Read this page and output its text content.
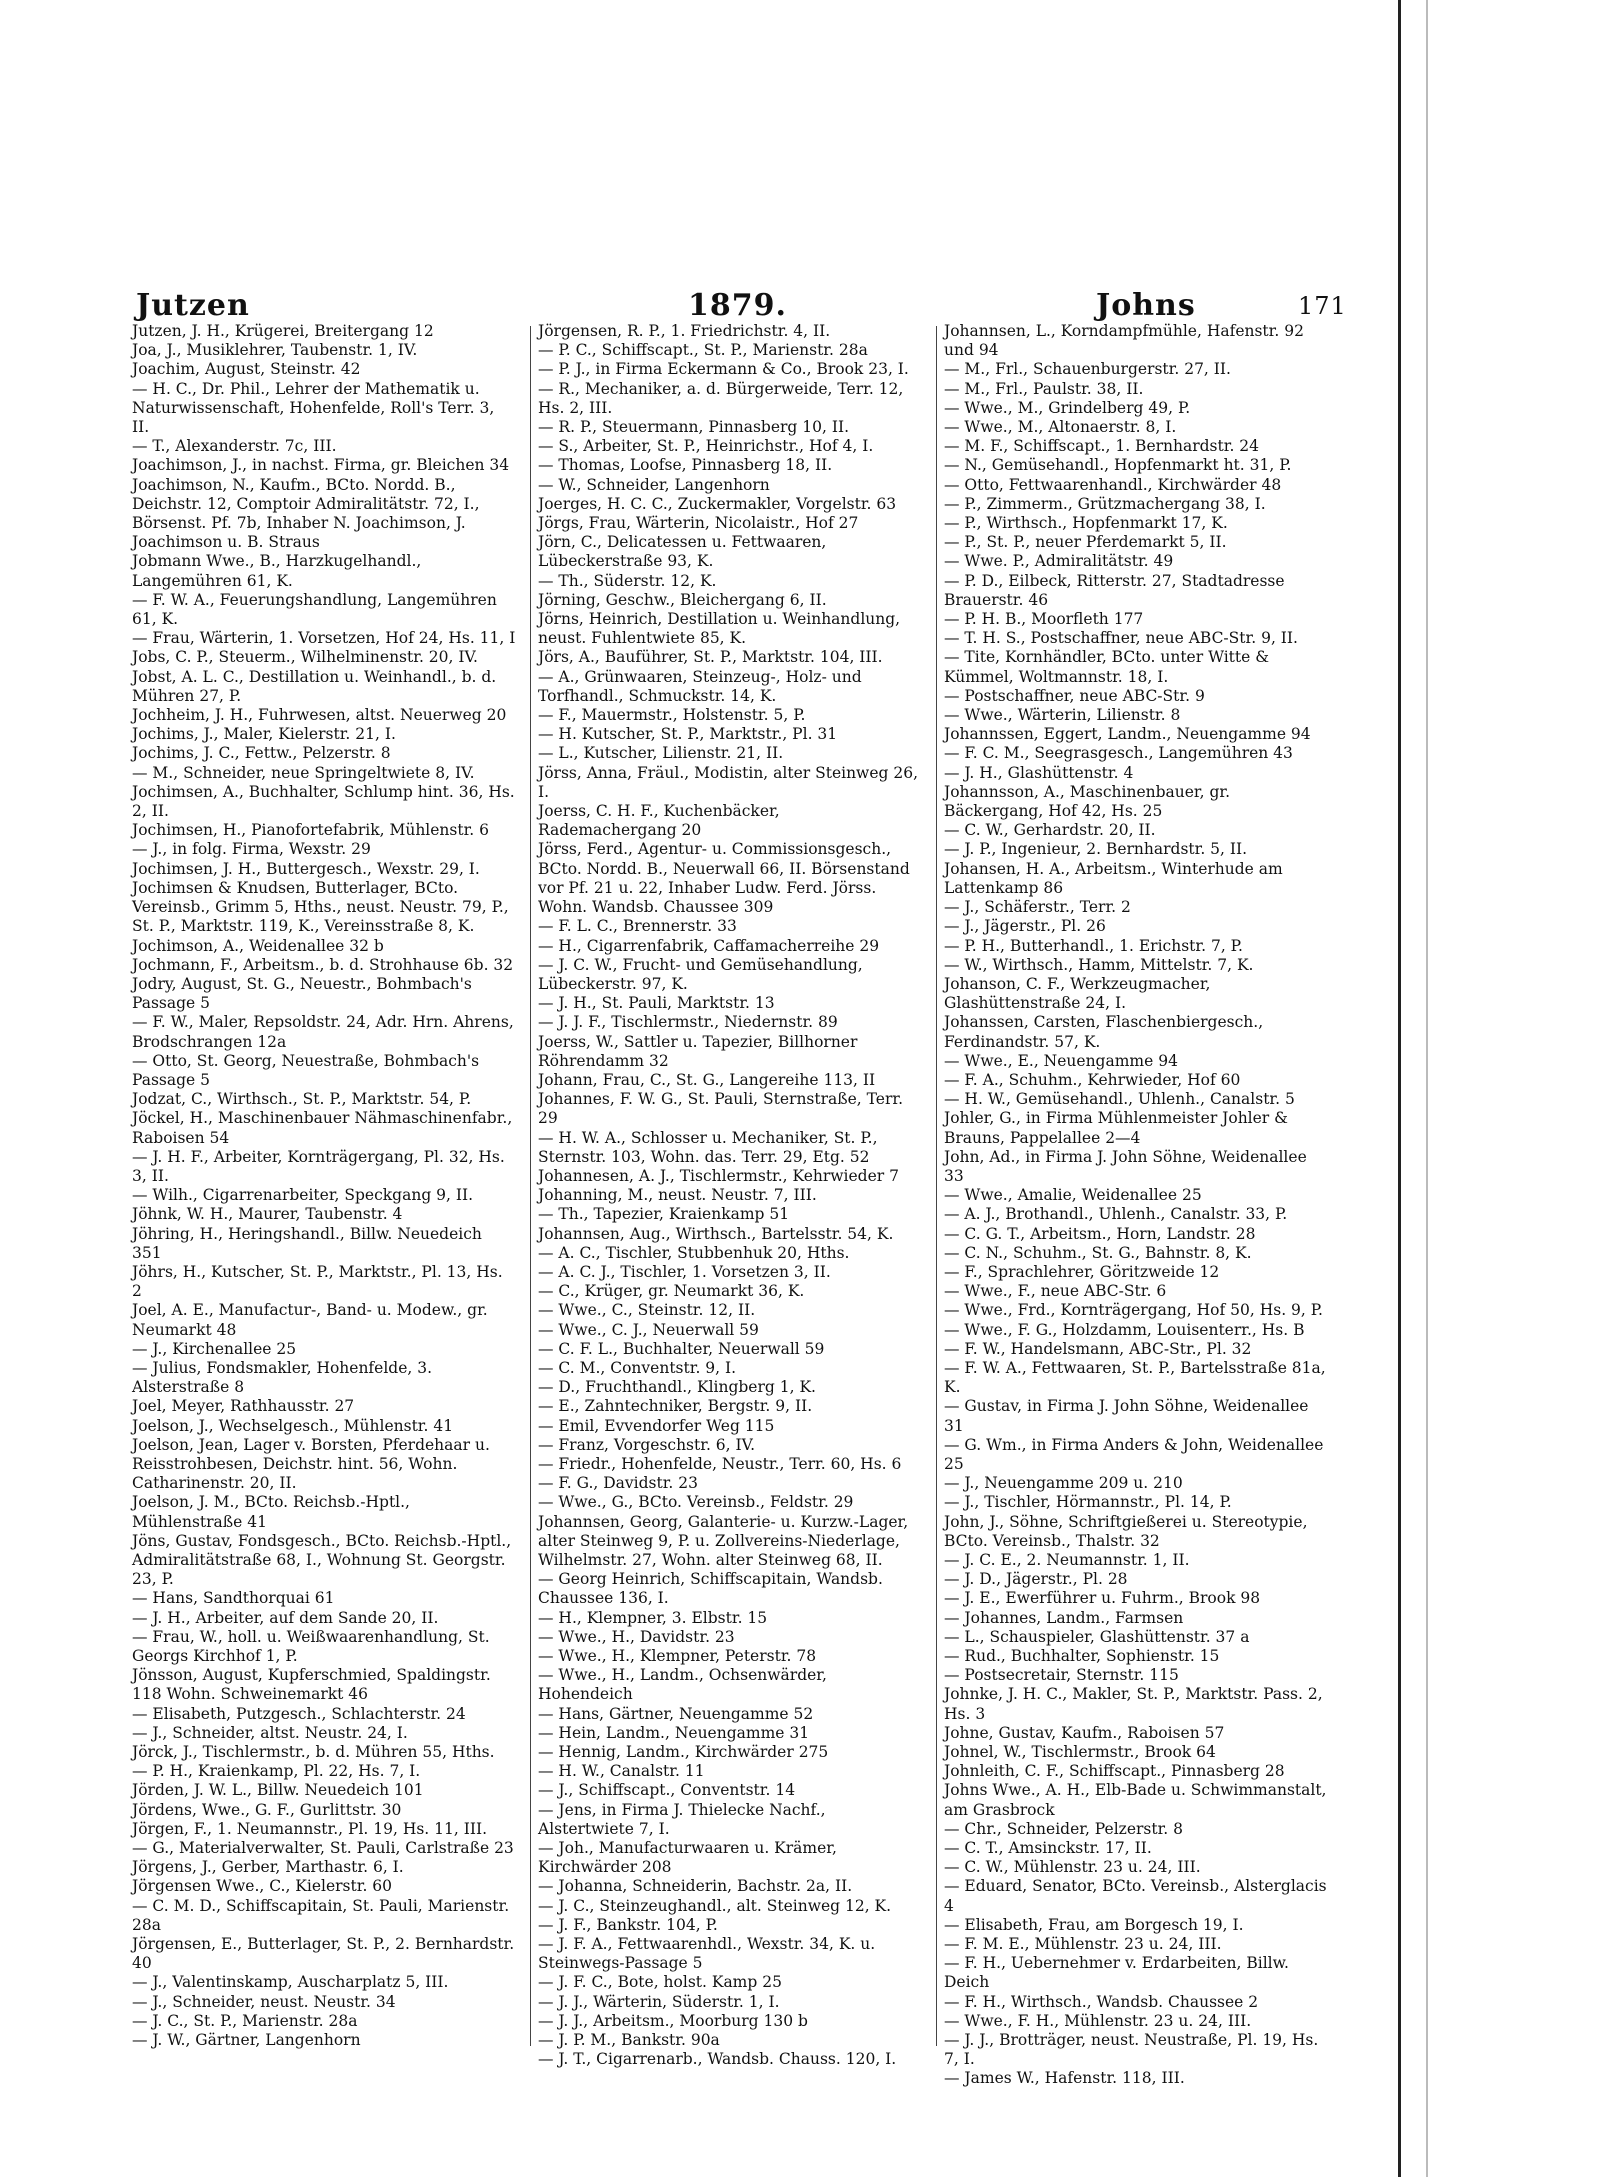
Jutzen	1879.	Johns	171
Jutzen, J. H., Krügerei, Breitergang 12
Joa, J., Musiklehrer, Taubenstr. 1, IV.
Joachim, August, Steinstr. 42
— H. C., Dr. Phil., Lehrer der Mathematik u. Naturwissenschaft, Hohenfelde, Roll's Terr. 3, II.
— T., Alexanderstr. 7c, III.
Joachimson, J., in nachst. Firma, gr. Bleichen 34
Joachimson, N., Kaufm., BCto. Nordd. B., Deichstr. 12, Comptoir Admiralitätstr. 72, I., Börsenst. Pf. 7b, Inhaber N. Joachimson, J. Joachimson u. B. Straus
Jobmann Wwe., B., Harzkugelhandl., Langemühren 61, K.
— F. W. A., Feuerungshandlung, Langemühren 61, K.
— Frau, Wärterin, 1. Vorsetzen, Hof 24, Hs. 11, I
Jobs, C. P., Steuerm., Wilhelminenstr. 20, IV.
Jobst, A. L. C., Destillation u. Weinhandl., b. d. Mühren 27, P.
Jochheim, J. H., Fuhrwesen, altst. Neuerweg 20
Jochims, J., Maler, Kielerstr. 21, I.
Jochims, J. C., Fettw., Pelzerstr. 8
— M., Schneider, neue Springeltwiete 8, IV.
Jochimsen, A., Buchhalter, Schlump hint. 36, Hs. 2, II.
Jochimsen, H., Pianofortefabrik, Mühlenstr. 6
— J., in folg. Firma, Wexstr. 29
Jochimsen, J. H., Buttergesch., Wexstr. 29, I.
Jochimsen & Knudsen, Butterlager, BCto. Vereinsb., Grimm 5, Hths., neust. Neustr. 79, P., St. P., Marktstr. 119, K., Vereinsstraße 8, K.
Jochimson, A., Weidenallee 32 b
Jochmann, F., Arbeitsm., b. d. Strohhause 6b. 32
Jodry, August, St. G., Neuestr., Bohmbach's Passage 5
— F. W., Maler, Repsoldstr. 24, Adr. Hrn. Ahrens, Brodschrangen 12a
— Otto, St. Georg, Neuestraße, Bohmbach's Passage 5
Jodzat, C., Wirthsch., St. P., Marktstr. 54, P.
Jöckel, H., Maschinenbauer Nähmaschinenfabr., Raboisen 54
— J. H. F., Arbeiter, Kornträgergang, Pl. 32, Hs. 3, II.
— Wilh., Cigarrenarbeiter, Speckgang 9, II.
Jöhnk, W. H., Maurer, Taubenstr. 4
Jöhring, H., Heringshandl., Billw. Neuedeich 351
Jöhrs, H., Kutscher, St. P., Marktstr., Pl. 13, Hs. 2
Joel, A. E., Manufactur-, Band- u. Modew., gr. Neumarkt 48
— J., Kirchenallee 25
— Julius, Fondsmakler, Hohenfelde, 3. Alsterstraße 8
Joel, Meyer, Rathhausstr. 27
Joelson, J., Wechselgesch., Mühlenstr. 41
Joelson, Jean, Lager v. Borsten, Pferdehaar u. Reisstrohbesen, Deichstr. hint. 56, Wohn. Catharinenstr. 20, II.
Joelson, J. M., BCto. Reichsb.-Hptl., Mühlenstraße 41
Jöns, Gustav, Fondsgesch., BCto. Reichsb.-Hptl., Admiralitätstraße 68, I., Wohnung St. Georgstr. 23, P.
— Hans, Sandthorquai 61
— J. H., Arbeiter, auf dem Sande 20, II.
— Frau, W., holl. u. Weißwaarenhandlung, St. Georgs Kirchhof 1, P.
Jönsson, August, Kupferschmied, Spaldingstr. 118 Wohn. Schweinemarkt 46
— Elisabeth, Putzgesch., Schlachterstr. 24
— J., Schneider, altst. Neustr. 24, I.
Jörck, J., Tischlermstr., b. d. Mühren 55, Hths.
— P. H., Kraienkamp, Pl. 22, Hs. 7, I.
Jörden, J. W. L., Billw. Neuedeich 101
Jördens, Wwe., G. F., Gurlittstr. 30
Jörgen, F., 1. Neumannstr., Pl. 19, Hs. 11, III.
— G., Materialverwalter, St. Pauli, Carlstraße 23
Jörgens, J., Gerber, Marthastr. 6, I.
Jörgensen Wwe., C., Kielerstr. 60
— C. M. D., Schiffscapitain, St. Pauli, Marienstr. 28a
Jörgensen, E., Butterlager, St. P., 2. Bernhardstr. 40
— J., Valentinskamp, Auscharplatz 5, III.
— J., Schneider, neust. Neustr. 34
— J. C., St. P., Marienstr. 28a
— J. W., Gärtner, Langenhorn
Jörgensen, R. P., 1. Friedrichstr. 4, II.
— P. C., Schiffscapt., St. P., Marienstr. 28a
— P. J., in Firma Eckermann & Co., Brook 23, I.
— R., Mechaniker, a. d. Bürgerweide, Terr. 12, Hs. 2, III.
— R. P., Steuermann, Pinnasberg 10, II.
— S., Arbeiter, St. P., Heinrichstr., Hof 4, I.
— Thomas, Loofse, Pinnasberg 18, II.
— W., Schneider, Langenhorn
Joerges, H. C. C., Zuckermakler, Vorgelstr. 63
Jörgs, Frau, Wärterin, Nicolaistr., Hof 27
Jörn, C., Delicatessen u. Fettwaaren, Lübeckerstraße 93, K.
— Th., Süderstr. 12, K.
Jörning, Geschw., Bleichergang 6, II.
Jörns, Heinrich, Destillation u. Weinhandlung, neust. Fuhlentwiete 85, K.
Jörs, A., Bauführer, St. P., Marktstr. 104, III.
— A., Grünwaaren, Steinzeug-, Holz- und Torfhandl., Schmuckstr. 14, K.
— F., Mauermstr., Holstenstr. 5, P.
— H. Kutscher, St. P., Marktstr., Pl. 31
— L., Kutscher, Lilienstr. 21, II.
Jörss, Anna, Fräul., Modistin, alter Steinweg 26, I.
Joerss, C. H. F., Kuchenbäcker, Rademachergang 20
Jörss, Ferd., Agentur- u. Commissionsgesch., BCto. Nordd. B., Neuerwall 66, II. Börsenstand vor Pf. 21 u. 22, Inhaber Ludw. Ferd. Jörss. Wohn. Wandsb. Chaussee 309
— F. L. C., Brennerstr. 33
— H., Cigarrenfabrik, Caffamacherreihe 29
— J. C. W., Frucht- und Gemüsehandlung, Lübeckerstr. 97, K.
— J. H., St. Pauli, Marktstr. 13
— J. J. F., Tischlermstr., Niedernstr. 89
Joerss, W., Sattler u. Tapezier, Billhorner Röhrendamm 32
Johann, Frau, C., St. G., Langereihe 113, II
Johannes, F. W. G., St. Pauli, Sternstraße, Terr. 29
— H. W. A., Schlosser u. Mechaniker, St. P., Sternstr. 103, Wohn. das. Terr. 29, Etg. 52
Johannesen, A. J., Tischlermstr., Kehrwieder 7
Johanning, M., neust. Neustr. 7, III.
— Th., Tapezier, Kraienkamp 51
Johannsen, Aug., Wirthsch., Bartelsstr. 54, K.
— A. C., Tischler, Stubbenhuk 20, Hths.
— A. C. J., Tischler, 1. Vorsetzen 3, II.
— C., Krüger, gr. Neumarkt 36, K.
— Wwe., C., Steinstr. 12, II.
— Wwe., C. J., Neuerwall 59
— C. F. L., Buchhalter, Neuerwall 59
— C. M., Conventstr. 9, I.
— D., Fruchthandl., Klingberg 1, K.
— E., Zahntechniker, Bergstr. 9, II.
— Emil, Evvendorfer Weg 115
— Franz, Vorgeschstr. 6, IV.
— Friedr., Hohenfelde, Neustr., Terr. 60, Hs. 6
— F. G., Davidstr. 23
— Wwe., G., BCto. Vereinsb., Feldstr. 29
Johannsen, Georg, Galanterie- u. Kurzw.-Lager, alter Steinweg 9, P. u. Zollvereins-Niederlage, Wilhelmstr. 27, Wohn. alter Steinweg 68, II.
— Georg Heinrich, Schiffscapitain, Wandsb. Chaussee 136, I.
— H., Klempner, 3. Elbstr. 15
— Wwe., H., Davidstr. 23
— Wwe., H., Klempner, Peterstr. 78
— Wwe., H., Landm., Ochsenwärder, Hohendeich
— Hans, Gärtner, Neuengamme 52
— Hein, Landm., Neuengamme 31
— Hennig, Landm., Kirchwärder 275
— H. W., Canalstr. 11
— J., Schiffscapt., Conventstr. 14
— Jens, in Firma J. Thielecke Nachf., Alstertwiete 7, I.
— Joh., Manufacturwaaren u. Krämer, Kirchwärder 208
— Johanna, Schneiderin, Bachstr. 2a, II.
— J. C., Steinzeughandl., alt. Steinweg 12, K.
— J. F., Bankstr. 104, P.
— J. F. A., Fettwaarenhdl., Wexstr. 34, K. u. Steinwegs-Passage 5
— J. F. C., Bote, holst. Kamp 25
— J. J., Wärterin, Süderstr. 1, I.
— J. J., Arbeitsm., Moorburg 130 b
— J. P. M., Bankstr. 90a
— J. T., Cigarrenarb., Wandsb. Chauss. 120, I.
Johannsen, L., Korndampfmühle, Hafenstr. 92 und 94
— M., Frl., Schauenburgerstr. 27, II.
— M., Frl., Paulstr. 38, II.
— Wwe., M., Grindelberg 49, P.
— Wwe., M., Altonaerstr. 8, I.
— M. F., Schiffscapt., 1. Bernhardstr. 24
— N., Gemüsehandl., Hopfenmarkt ht. 31, P.
— Otto, Fettwaarenhandl., Kirchwärder 48
— P., Zimmerm., Grützmachergang 38, I.
— P., Wirthsch., Hopfenmarkt 17, K.
— P., St. P., neuer Pferdemarkt 5, II.
— Wwe. P., Admiralitätstr. 49
— P. D., Eilbeck, Ritterstr. 27, Stadtadresse Brauerstr. 46
— P. H. B., Moorfleth 177
— T. H. S., Postschaffner, neue ABC-Str. 9, II.
— Tite, Kornhändler, BCto. unter Witte & Kümmel, Woltmannstr. 18, I.
— Postschaffner, neue ABC-Str. 9
— Wwe., Wärterin, Lilienstr. 8
Johannssen, Eggert, Landm., Neuengamme 94
— F. C. M., Seegrasgesch., Langemühren 43
— J. H., Glashüttenstr. 4
Johannsson, A., Maschinenbauer, gr. Bäckergang, Hof 42, Hs. 25
— C. W., Gerhardstr. 20, II.
— J. P., Ingenieur, 2. Bernhardstr. 5, II.
Johansen, H. A., Arbeitsm., Winterhude am Lattenkamp 86
— J., Schäferstr., Terr. 2
— J., Jägerstr., Pl. 26
— P. H., Butterhandl., 1. Erichstr. 7, P.
— W., Wirthsch., Hamm, Mittelstr. 7, K.
Johanson, C. F., Werkzeugmacher, Glashüttenstraße 24, I.
Johanssen, Carsten, Flaschenbiergesch., Ferdinandstr. 57, K.
— Wwe., E., Neuengamme 94
— F. A., Schuhm., Kehrwieder, Hof 60
— H. W., Gemüsehandl., Uhlenh., Canalstr. 5
Johler, G., in Firma Mühlenmeister Johler & Brauns, Pappelallee 2—4
John, Ad., in Firma J. John Söhne, Weidenallee 33
— Wwe., Amalie, Weidenallee 25
— A. J., Brothandl., Uhlenh., Canalstr. 33, P.
— C. G. T., Arbeitsm., Horn, Landstr. 28
— C. N., Schuhm., St. G., Bahnstr. 8, K.
— F., Sprachlehrer, Göritzweide 12
— Wwe., F., neue ABC-Str. 6
— Wwe., Frd., Kornträgergang, Hof 50, Hs. 9, P.
— Wwe., F. G., Holzdamm, Louisenterr., Hs. B
— F. W., Handelsmann, ABC-Str., Pl. 32
— F. W. A., Fettwaaren, St. P., Bartelsstraße 81a, K.
— Gustav, in Firma J. John Söhne, Weidenallee 31
— G. Wm., in Firma Anders & John, Weidenallee 25
— J., Neuengamme 209 u. 210
— J., Tischler, Hörmannstr., Pl. 14, P.
John, J., Söhne, Schriftgießerei u. Stereotypie, BCto. Vereinsb., Thalstr. 32
— J. C. E., 2. Neumannstr. 1, II.
— J. D., Jägerstr., Pl. 28
— J. E., Ewerführer u. Fuhrm., Brook 98
— Johannes, Landm., Farmsen
— L., Schauspieler, Glashüttenstr. 37 a
— Rud., Buchhalter, Sophienstr. 15
— Postsecretair, Sternstr. 115
Johnke, J. H. C., Makler, St. P., Marktstr. Pass. 2, Hs. 3
Johne, Gustav, Kaufm., Raboisen 57
Johnel, W., Tischlermstr., Brook 64
Johnleith, C. F., Schiffscapt., Pinnasberg 28
Johns Wwe., A. H., Elb-Bade u. Schwimmanstalt, am Grasbrock
— Chr., Schneider, Pelzerstr. 8
— C. T., Amsinckstr. 17, II.
— C. W., Mühlenstr. 23 u. 24, III.
— Eduard, Senator, BCto. Vereinsb., Alsterglacis 4
— Elisabeth, Frau, am Borgesch 19, I.
— F. M. E., Mühlenstr. 23 u. 24, III.
— F. H., Uebernehmer v. Erdarbeiten, Billw. Deich
— F. H., Wirthsch., Wandsb. Chaussee 2
— Wwe., F. H., Mühlenstr. 23 u. 24, III.
— J. J., Brotträger, neust. Neustraße, Pl. 19, Hs. 7, I.
— James W., Hafenstr. 118, III.
